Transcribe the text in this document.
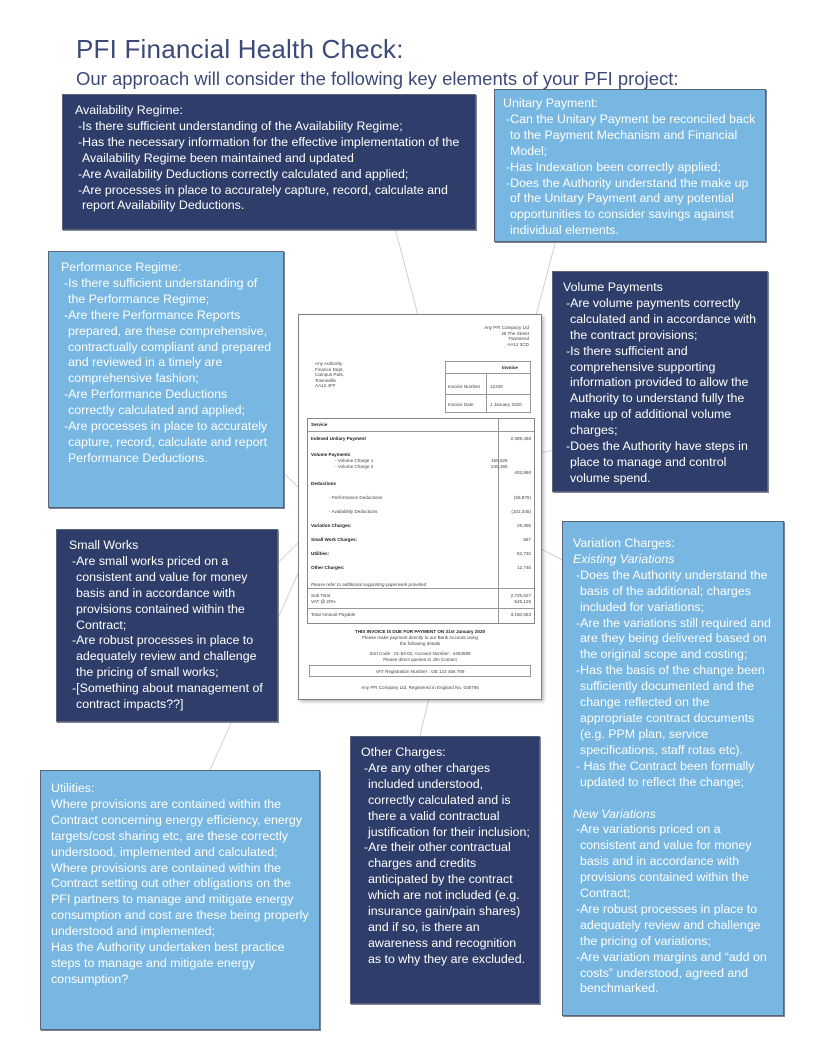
PFI Financial Health Check:
Our approach will consider the following key elements of your PFI project:

Availability Regime:

-Is there sufficient understanding of the Availability Regime;

-Has the necessary information for the effective implementation of the Availability Regime been maintained and updated

-Are Availability Deductions correctly calculated and applied;

-Are processes in place to accurately capture, record, calculate and report Availability Deductions.

Unitary Payment:

-Can the Unitary Payment be reconciled back to the Payment Mechanism and Financial Model;

-Has Indexation been correctly applied;

-Does the Authority understand the make up of the Unitary Payment and any potential opportunities to consider savings against individual elements.

Performance Regime:

-Is there sufficient understanding of the Performance Regime;

-Are there Performance Reports prepared, are these comprehensive, contractually compliant and prepared and reviewed in a timely are comprehensive fashion;

-Are Performance Deductions correctly calculated and applied;

-Are processes in place to accurately capture, record, calculate and report Performance Deductions.

Volume Payments

-Are volume payments correctly calculated and in accordance with the contract provisions;

-Is there sufficient and comprehensive supporting information provided to allow the Authority to understand fully the make up of additional volume charges;

-Does the Authority have steps in place to manage and control volume spend.

Small Works

-Are small works priced on a consistent and value for money basis and in accordance with provisions contained within the Contract;

-Are robust processes in place to adequately review and challenge the pricing of small works;

-[Something about management of contract impacts??]

Variation Charges:

Existing Variations

-Does the Authority understand the basis of the additional; charges included for variations;

-Are the variations still required and are they being delivered based on the original scope and costing;

-Has the basis of the change been sufficiently documented and the change reflected on the appropriate contract documents (e.g. PPM plan, service specifications, staff rotas etc).

- Has the Contract been formally updated to reflect the change;

New Variations

-Are variations priced on a consistent and value for money basis and in accordance with provisions contained within the Contract;

-Are robust processes in place to adequately review and challenge the pricing of variations;

-Are variation margins and “add on costs” understood, agreed and benchmarked.

Other Charges:

-Are any other charges included understood, correctly calculated and is there a valid contractual justification for their inclusion;

-Are their other contractual charges and credits anticipated by the contract which are not included (e.g. insurance gain/pain shares) and if so, is there an awareness and recognition as to why they are excluded.

Utilities:

Where provisions are contained within the Contract concerning energy efficiency, energy targets/cost sharing etc, are these correctly understood, implemented and calculated;

Where provisions are contained within the Contract setting out other obligations on the PFI partners to manage and mitigate energy consumption and cost are these being properly understood and implemented;

Has the Authority undertaken best practice steps to manage and mitigate energy consumption?

Any PFI Company Ltd
45 The Street
Townsend
AA12 3CD
Any Authority
Finance Dept,
Campus Park,
Townsville
AA12 4FF
Invoice
Invoice Number 12345
Invoice Date	1 January 2020
Service
Indexed Unitary Payment	2,389,458
Volume Payments
- Volume Charge 1	158,625
- Volume Charge 2	245,365
403,990
Deductions
- Performance Deductions	(56,876)
- Availability Deductions	(102,345)
Variation Charges:	25,356
Small Work Charges:	567
Utilities:	52,732
Other Charges:	12,745
Please refer to additional supporting paperwork provided
Sub Total	2,725,627
VAT @ 20%	545,125
Total Amount Payable	3,180,563
THIS INVOICE IS DUE FOR PAYMENT ON 31st January 2020
Please make payment directly to our Bank Account using
the following details
Sort Code : 01-53-02, Account Number : 4453689
Please direct queries to Jim Contact
VAT Registration Number : GB 123 456 789
Any PFI Company Ltd, Registered in England No. 036795
